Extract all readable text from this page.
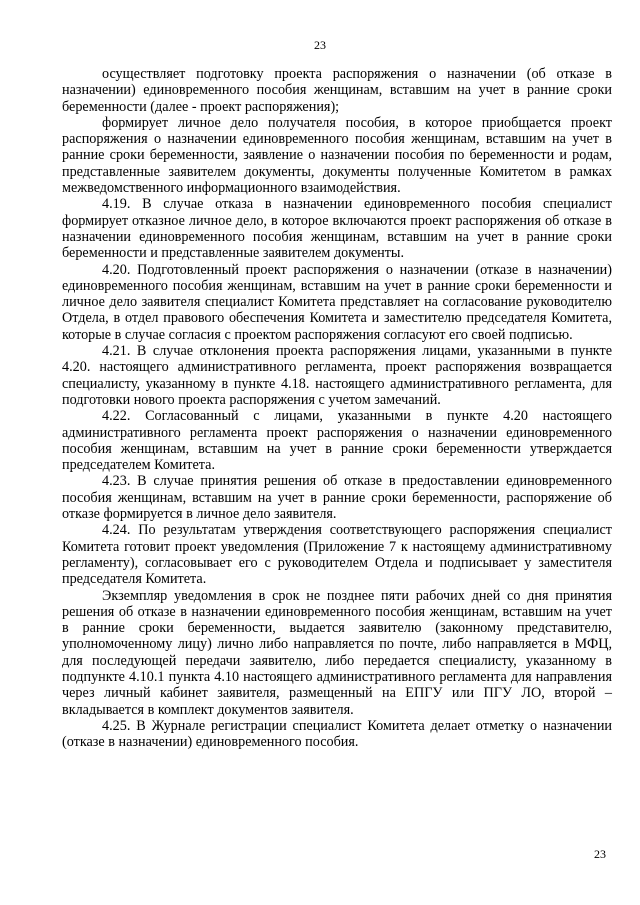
23

осуществляет подготовку проекта распоряжения о назначении (об отказе в назначении) единовременного пособия женщинам, вставшим на учет в ранние сроки беременности (далее - проект распоряжения);

формирует личное дело получателя пособия, в которое приобщается проект распоряжения о назначении единовременного пособия женщинам, вставшим на учет в ранние сроки беременности, заявление о назначении пособия по беременности и родам, представленные заявителем документы, документы полученные Комитетом в рамках межведомственного информационного взаимодействия.

4.19. В случае отказа в назначении единовременного пособия специалист формирует отказное личное дело, в которое включаются проект распоряжения об отказе в назначении единовременного пособия женщинам, вставшим на учет в ранние сроки беременности и представленные заявителем документы.

4.20. Подготовленный проект распоряжения о назначении (отказе в назначении) единовременного пособия женщинам, вставшим на учет в ранние сроки беременности и личное дело заявителя специалист Комитета представляет на согласование руководителю Отдела, в отдел правового обеспечения Комитета и заместителю председателя Комитета, которые в случае согласия с проектом распоряжения согласуют его своей подписью.

4.21. В случае отклонения проекта распоряжения лицами, указанными в пункте 4.20. настоящего административного регламента, проект распоряжения возвращается специалисту, указанному в пункте 4.18. настоящего административного регламента, для подготовки нового проекта распоряжения с учетом замечаний.

4.22. Согласованный с лицами, указанными в пункте 4.20 настоящего административного регламента проект распоряжения о назначении единовременного пособия женщинам, вставшим на учет в ранние сроки беременности утверждается председателем Комитета.

4.23. В случае принятия решения об отказе в предоставлении единовременного пособия женщинам, вставшим на учет в ранние сроки беременности, распоряжение об отказе формируется в личное дело заявителя.

4.24. По результатам утверждения соответствующего распоряжения специалист Комитета готовит проект уведомления (Приложение 7 к настоящему административному регламенту), согласовывает его с руководителем Отдела и подписывает у заместителя председателя Комитета.

Экземпляр уведомления в срок не позднее пяти рабочих дней со дня принятия решения об отказе в назначении единовременного пособия женщинам, вставшим на учет в ранние сроки беременности, выдается заявителю (законному представителю, уполномоченному лицу) лично либо направляется по почте, либо направляется в МФЦ, для последующей передачи заявителю, либо передается специалисту, указанному в подпункте 4.10.1 пункта 4.10 настоящего административного регламента для направления через личный кабинет заявителя, размещенный на ЕПГУ или ПГУ ЛО, второй – вкладывается в комплект документов заявителя.

4.25. В Журнале регистрации специалист Комитета делает отметку о назначении (отказе в назначении) единовременного пособия.

23
